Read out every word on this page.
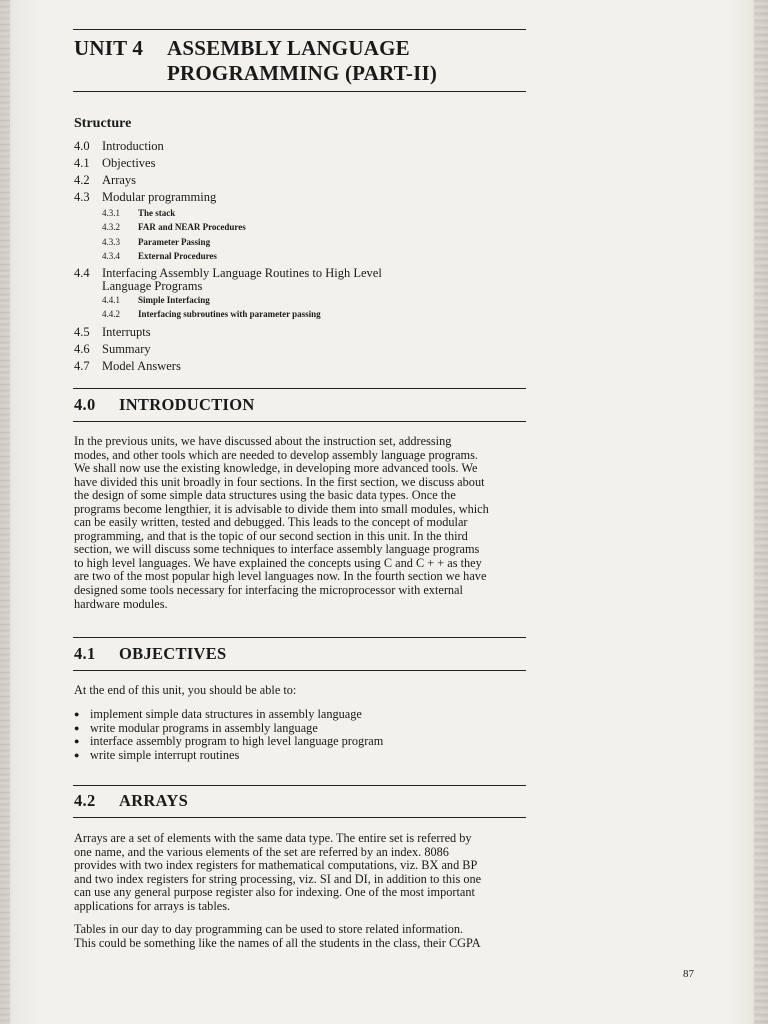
UNIT 4 ASSEMBLY LANGUAGE
PROGRAMMING (PART-II)
Structure
4.0 Introduction
4.1 Objectives
4.2 Arrays
4.3 Modular programming
4.3.1 The stack
4.3.2 FAR and NEAR Procedures
4.3.3 Parameter Passing
4.3.4 External Procedures
4.4 Interfacing Assembly Language Routines to High Level
Language Programs
4.4.1 Simple Interfacing
4.4.2 Interfacing subroutines with parameter passing
4.5 Interrupts
4.6 Summary
4.7 Model Answers
4.0 INTRODUCTION
In the previous units, we have discussed about the instruction set, addressing
modes, and other tools which are needed to develop assembly language programs.
We shall now use the existing knowledge, in developing more advanced tools. We
have divided this unit broadly in four sections. In the first section, we discuss about
the design of some simple data structures using the basic data types. Once the
programs become lengthier, it is advisable to divide them into small modules, which
can be easily written, tested and debugged. This leads to the concept of modular
programming, and that is the topic of our second section in this unit. In the third
section, we will discuss some techniques to interface assembly language programs
to high level languages. We have explained the concepts using C and C + + as they
are two of the most popular high level languages now. In the fourth section we have
designed some tools necessary for interfacing the microprocessor with external
hardware modules.
4.1 OBJECTIVES

At the end of this unit, you should be able to:

● implement simple data structures in assembly language
● write modular programs in assembly language
● interface assembly program to high level language program
● write simple interrupt routines
4.2 ARRAYS
Arrays are a set of elements with the same data type. The entire set is referred by
one name, and the various elements of the set are referred by an index. 8086
provides with two index registers for mathematical computations, viz. BX and BP
and two index registers for string processing, viz. SI and DI, in addition to this one
can use any general purpose register also for indexing. One of the most important
applications for arrays is tables.
Tables in our day to day programming can be used to store related information.
This could be something like the names of all the students in the class, their CGPA
87
